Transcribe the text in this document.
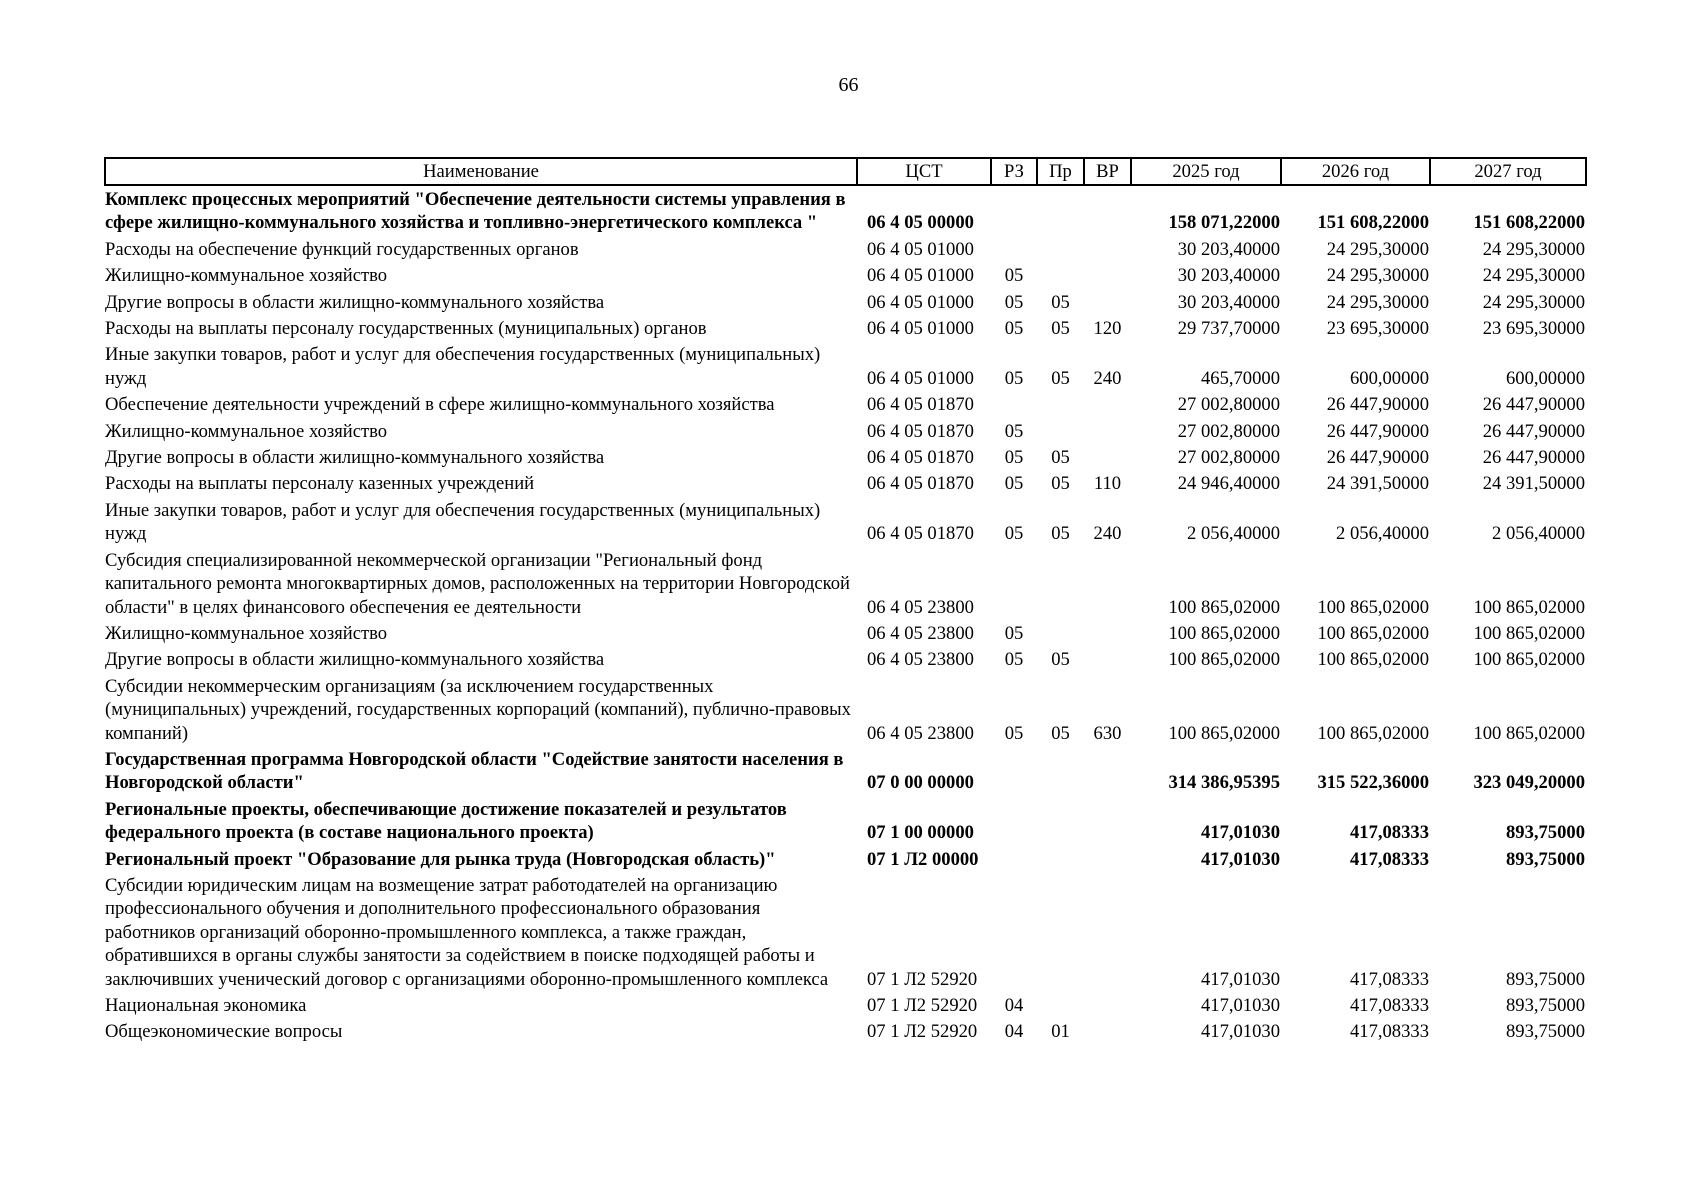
66
Наименование	ЦСТ	РЗ	Пр	ВР	2025 год	2026 год	2027 год
Комплекс процессных мероприятий "Обеспечение деятельности системы управления в сфере жилищно-коммунального хозяйства и топливно-энергетического комплекса "	06 4 05 00000				158 071,22000	151 608,22000	151 608,22000
Расходы на обеспечение функций государственных органов	06 4 05 01000				30 203,40000	24 295,30000	24 295,30000
Жилищно-коммунальное хозяйство	06 4 05 01000	05			30 203,40000	24 295,30000	24 295,30000
Другие вопросы в области жилищно-коммунального хозяйства	06 4 05 01000	05	05		30 203,40000	24 295,30000	24 295,30000
Расходы на выплаты персоналу государственных (муниципальных) органов	06 4 05 01000	05	05	120	29 737,70000	23 695,30000	23 695,30000
Иные закупки товаров, работ и услуг для обеспечения государственных (муниципальных) нужд	06 4 05 01000	05	05	240	465,70000	600,00000	600,00000
Обеспечение деятельности учреждений в сфере жилищно-коммунального хозяйства	06 4 05 01870				27 002,80000	26 447,90000	26 447,90000
Жилищно-коммунальное хозяйство	06 4 05 01870	05			27 002,80000	26 447,90000	26 447,90000
Другие вопросы в области жилищно-коммунального хозяйства	06 4 05 01870	05	05		27 002,80000	26 447,90000	26 447,90000
Расходы на выплаты персоналу казенных учреждений	06 4 05 01870	05	05	110	24 946,40000	24 391,50000	24 391,50000
Иные закупки товаров, работ и услуг для обеспечения государственных (муниципальных) нужд	06 4 05 01870	05	05	240	2 056,40000	2 056,40000	2 056,40000
Субсидия специализированной некоммерческой организации "Региональный фонд капитального ремонта многоквартирных домов, расположенных на территории Новгородской области" в целях финансового обеспечения ее деятельности	06 4 05 23800				100 865,02000	100 865,02000	100 865,02000
Жилищно-коммунальное хозяйство	06 4 05 23800	05			100 865,02000	100 865,02000	100 865,02000
Другие вопросы в области жилищно-коммунального хозяйства	06 4 05 23800	05	05		100 865,02000	100 865,02000	100 865,02000
Субсидии некоммерческим организациям (за исключением государственных (муниципальных) учреждений, государственных корпораций (компаний), публично-правовых компаний)	06 4 05 23800	05	05	630	100 865,02000	100 865,02000	100 865,02000
Государственная программа Новгородской области "Содействие занятости населения в Новгородской области"	07 0 00 00000				314 386,95395	315 522,36000	323 049,20000
Региональные проекты, обеспечивающие достижение показателей и результатов федерального проекта (в составе национального проекта)	07 1 00 00000				417,01030	417,08333	893,75000
Региональный проект "Образование для рынка труда (Новгородская область)"	07 1 Л2 00000				417,01030	417,08333	893,75000
Субсидии юридическим лицам на возмещение затрат работодателей на организацию профессионального обучения и дополнительного профессионального образования работников организаций оборонно-промышленного комплекса, а также граждан, обратившихся в органы службы занятости за содействием в поиске подходящей работы и заключивших ученический договор с организациями оборонно-промышленного комплекса	07 1 Л2 52920				417,01030	417,08333	893,75000
Национальная экономика	07 1 Л2 52920	04			417,01030	417,08333	893,75000
Общеэкономические вопросы	07 1 Л2 52920	04	01		417,01030	417,08333	893,75000
